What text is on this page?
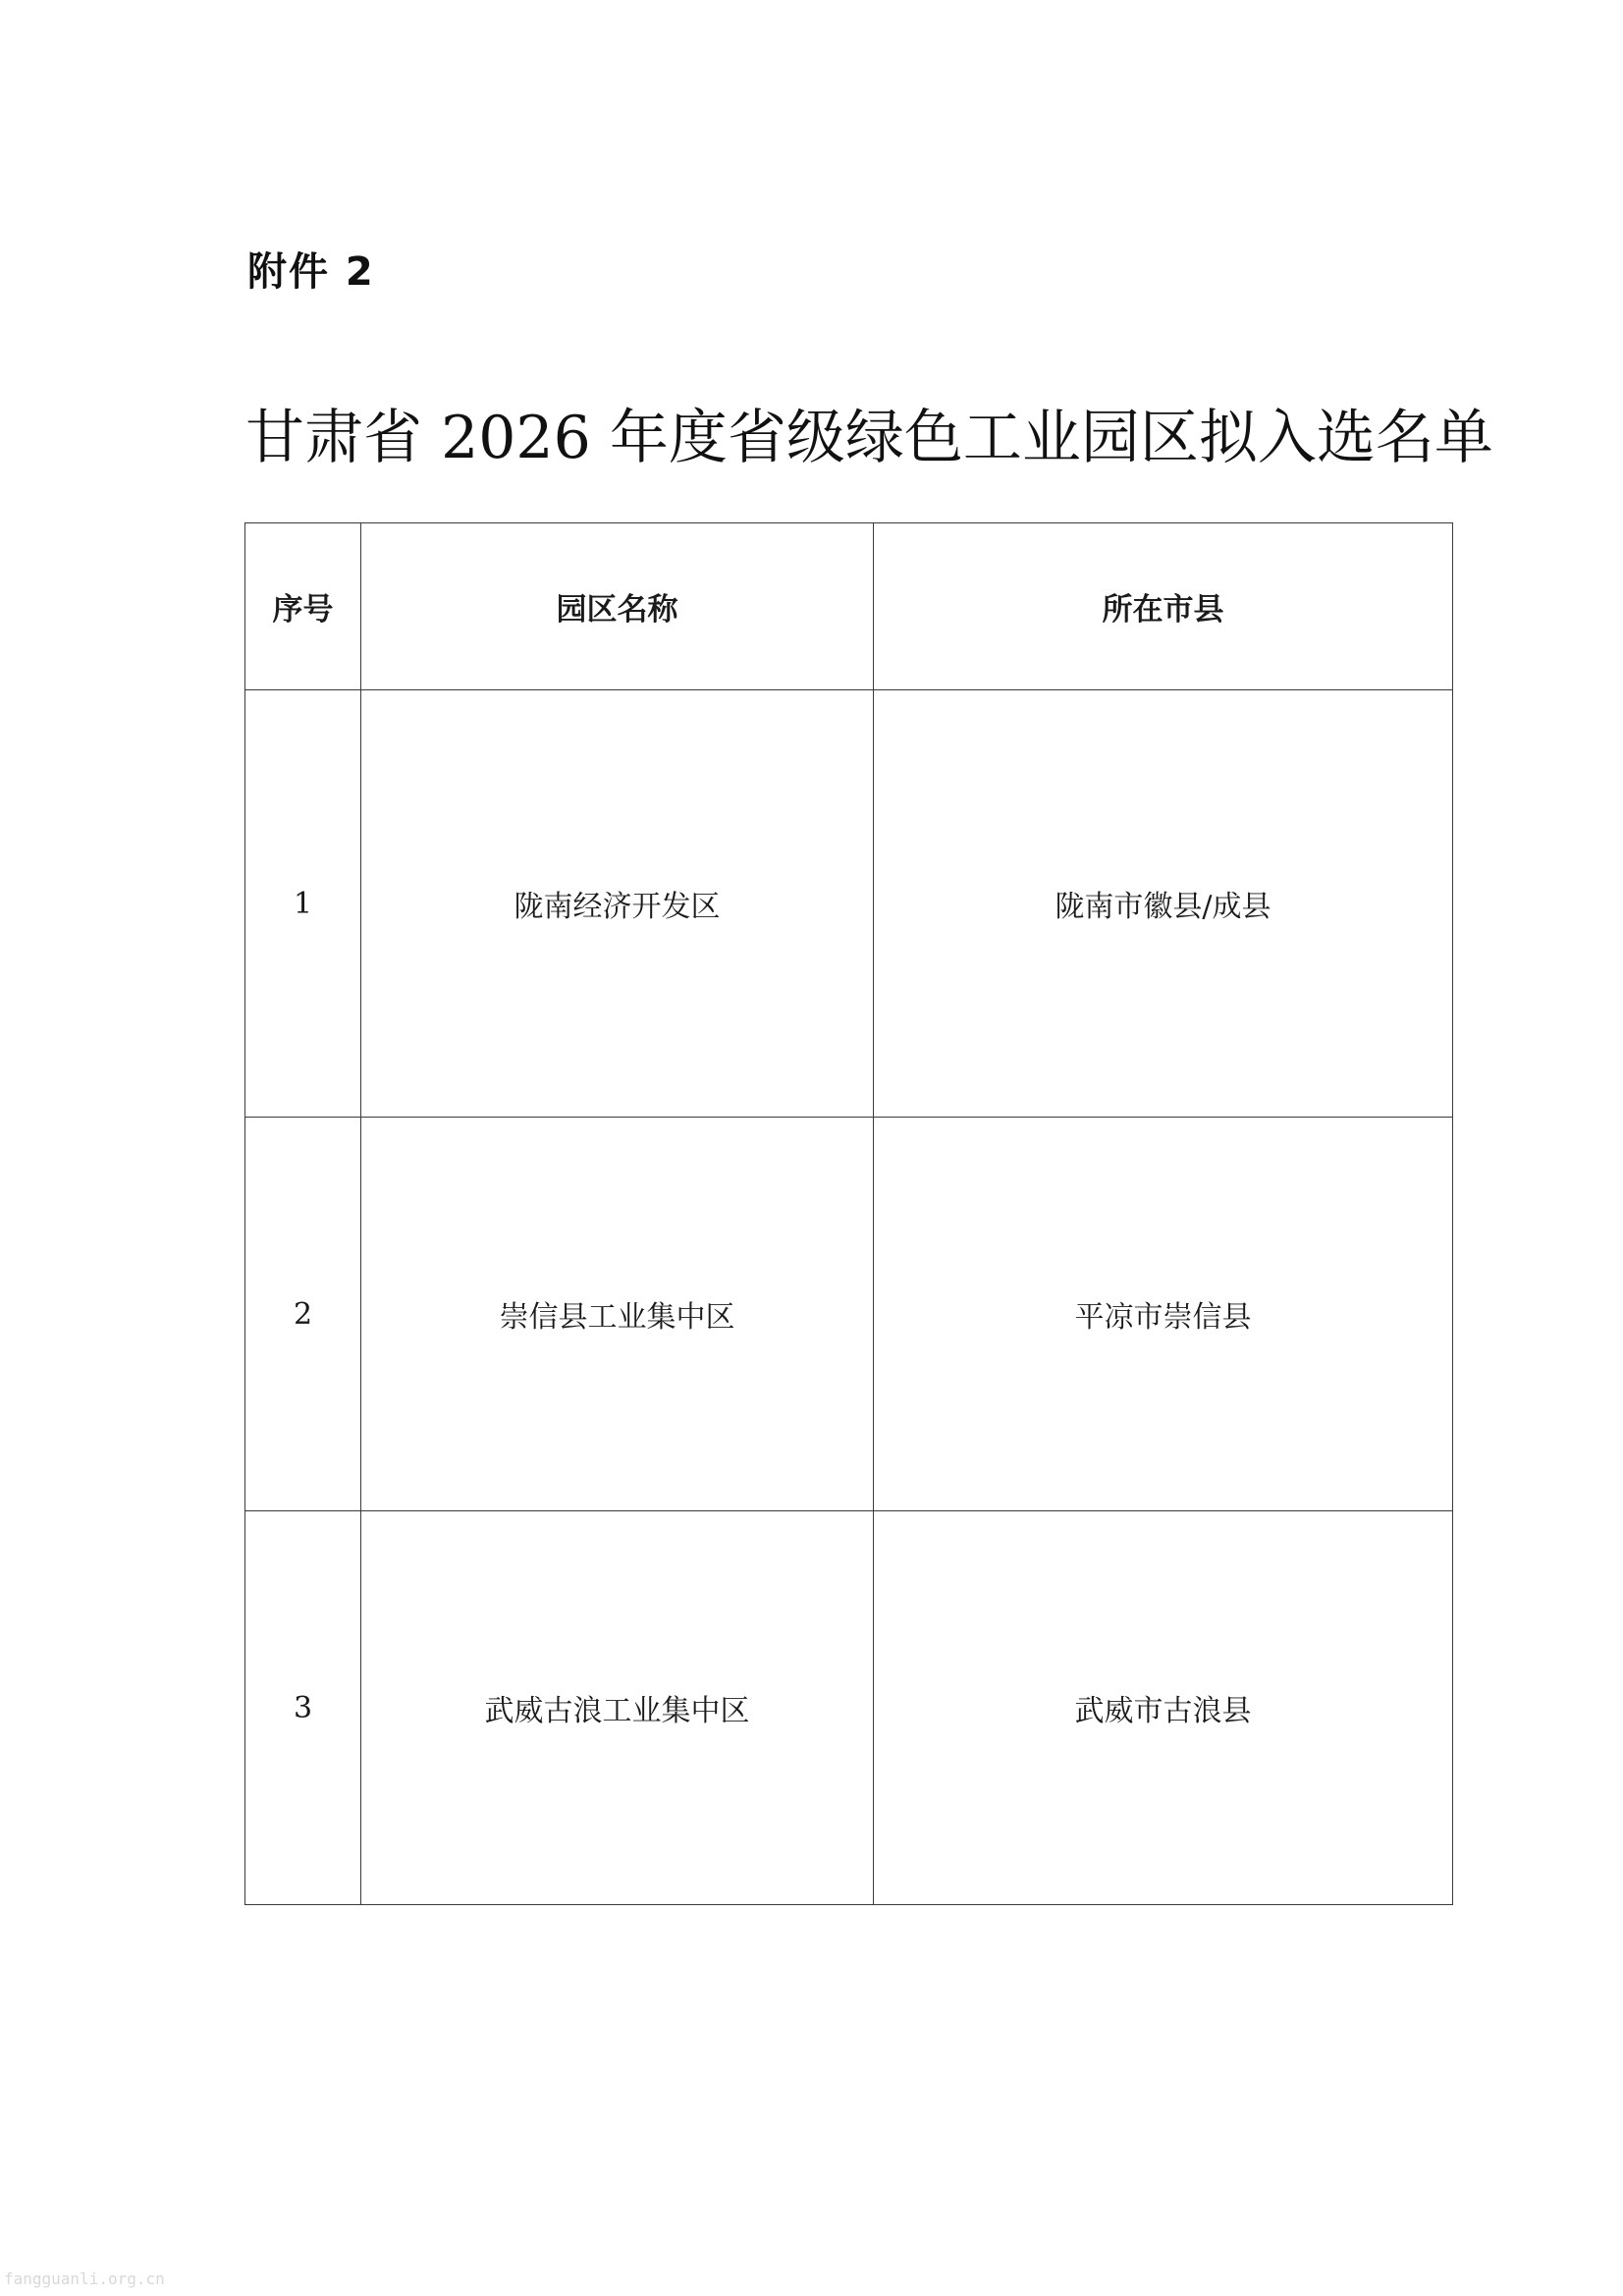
附件 2
甘肃省 2026 年度省级绿色工业园区拟入选名单
序号	园区名称	所在市县
1	陇南经济开发区	陇南市徽县/成县
2	崇信县工业集中区	平凉市崇信县
3	武威古浪工业集中区	武威市古浪县
fangguanli.org.cn
